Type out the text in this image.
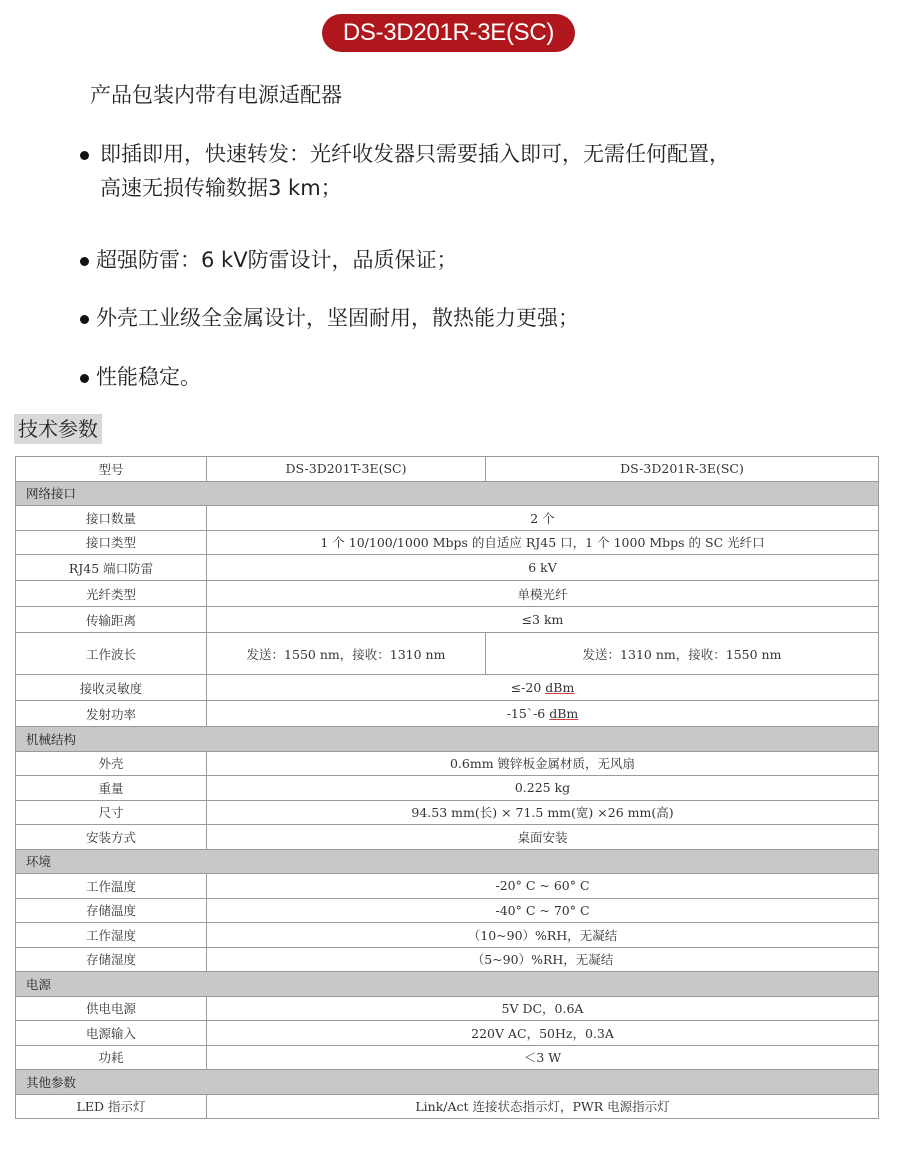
DS-3D201R-3E(SC)
产品包装内带有电源适配器
即插即用，快速转发：光纤收发器只需要插入即可，无需任何配置，
高速无损传输数据3 km；
超强防雷：6 kV防雷设计，品质保证；
外壳工业级全金属设计，坚固耐用，散热能力更强；
性能稳定。
技术参数
型号	DS-3D201T-3E(SC)	DS-3D201R-3E(SC)
网络接口		
接口数量	2 个	
接口类型	1 个 10/100/1000 Mbps 的自适应 RJ45 口，1 个 1000 Mbps 的 SC 光纤口	
RJ45 端口防雷	6 kV	
光纤类型	单模光纤	
传输距离	≤3 km	
工作波长	发送：1550 nm，接收：1310 nm	发送：1310 nm，接收：1550 nm
接收灵敏度	≤-20 dBm	
发射功率	-15`-6 dBm	
机械结构		
外壳	0.6mm 镀锌板金属材质，无风扇	
重量	0.225 kg	
尺寸	94.53 mm(长) × 71.5 mm(宽) ×26 mm(高)	
安装方式	桌面安装	
环境		
工作温度	-20° C ~ 60° C	
存储温度	-40° C ~ 70° C	
工作湿度	（10~90）%RH，无凝结	
存储湿度	（5~90）%RH，无凝结	
电源		
供电电源	5V DC，0.6A	
电源输入	220V AC，50Hz，0.3A	
功耗	＜3 W	
其他参数		
LED 指示灯	Link/Act 连接状态指示灯，PWR 电源指示灯	
